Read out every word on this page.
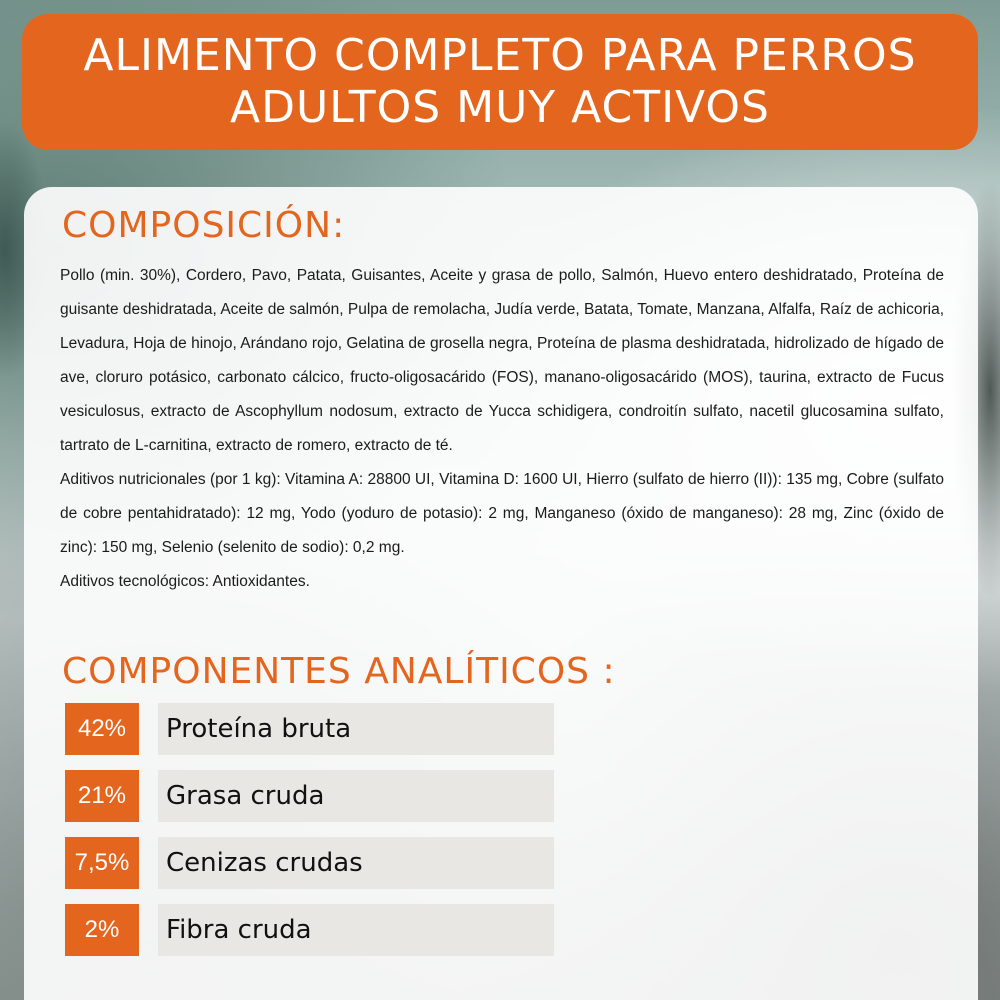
ALIMENTO COMPLETO PARA PERROS
ADULTOS MUY ACTIVOS
COMPOSICIÓN:

Pollo (min. 30%), Cordero, Pavo, Patata, Guisantes, Aceite y grasa de pollo, Salmón, Huevo entero deshidratado, Proteína de guisante deshidratada, Aceite de salmón, Pulpa de remolacha, Judía verde, Batata, Tomate, Manzana, Alfalfa, Raíz de achicoria, Levadura, Hoja de hinojo, Arándano rojo, Gelatina de grosella negra, Proteína de plasma deshidratada, hidrolizado de hígado de ave, cloruro potásico, carbonato cálcico, fructo-oligosacárido (FOS), manano-oligosacárido (MOS), taurina, extracto de Fucus vesiculosus, extracto de Ascophyllum nodosum, extracto de Yucca schidigera, condroitín sulfato, nacetil glucosamina sulfato, tartrato de L-carnitina, extracto de romero, extracto de té.

Aditivos nutricionales (por 1 kg): Vitamina A: 28800 UI, Vitamina D: 1600 UI, Hierro (sulfato de hierro (II)): 135 mg, Cobre (sulfato de cobre pentahidratado): 12 mg, Yodo (yoduro de potasio): 2 mg, Manganeso (óxido de manganeso): 28 mg, Zinc (óxido de zinc): 150 mg, Selenio (selenito de sodio): 0,2 mg.

Aditivos tecnológicos: Antioxidantes.

COMPONENTES ANALÍTICOS :
42%	Proteína bruta
21%	Grasa cruda
7,5%	Cenizas crudas
2%	Fibra cruda
